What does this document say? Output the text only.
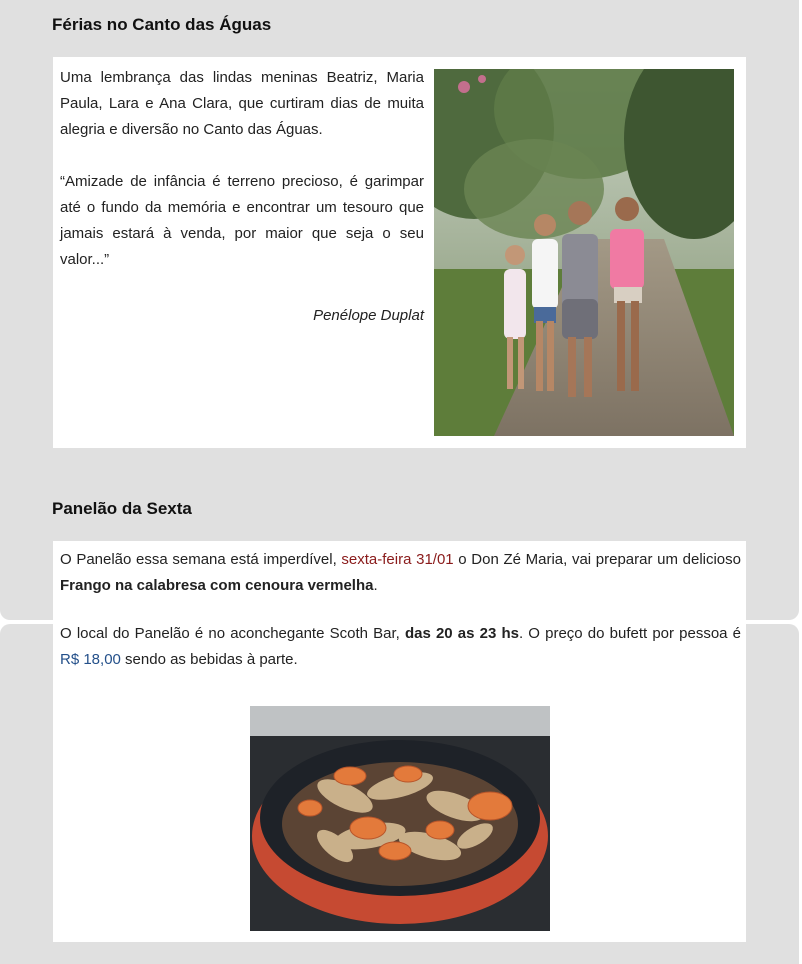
Férias no Canto das Águas

Uma lembrança das lindas meninas Beatriz, Maria Paula, Lara e Ana Clara, que curtiram dias de muita alegria e diversão no Canto das Águas.

“Amizade de infância é terreno precioso, é garimpar até o fundo da memória e encontrar um tesouro que jamais estará à venda, por maior que seja o seu valor...”

Penélope Duplat

Panelão da Sexta

O Panelão essa semana está imperdível, sexta-feira 31/01 o Don Zé Maria, vai preparar um delicioso Frango na calabresa com cenoura vermelha.

O local do Panelão é no aconchegante Scoth Bar, das 20 as 23 hs. O preço do bufett por pessoa é R$ 18,00 sendo as bebidas à parte.
